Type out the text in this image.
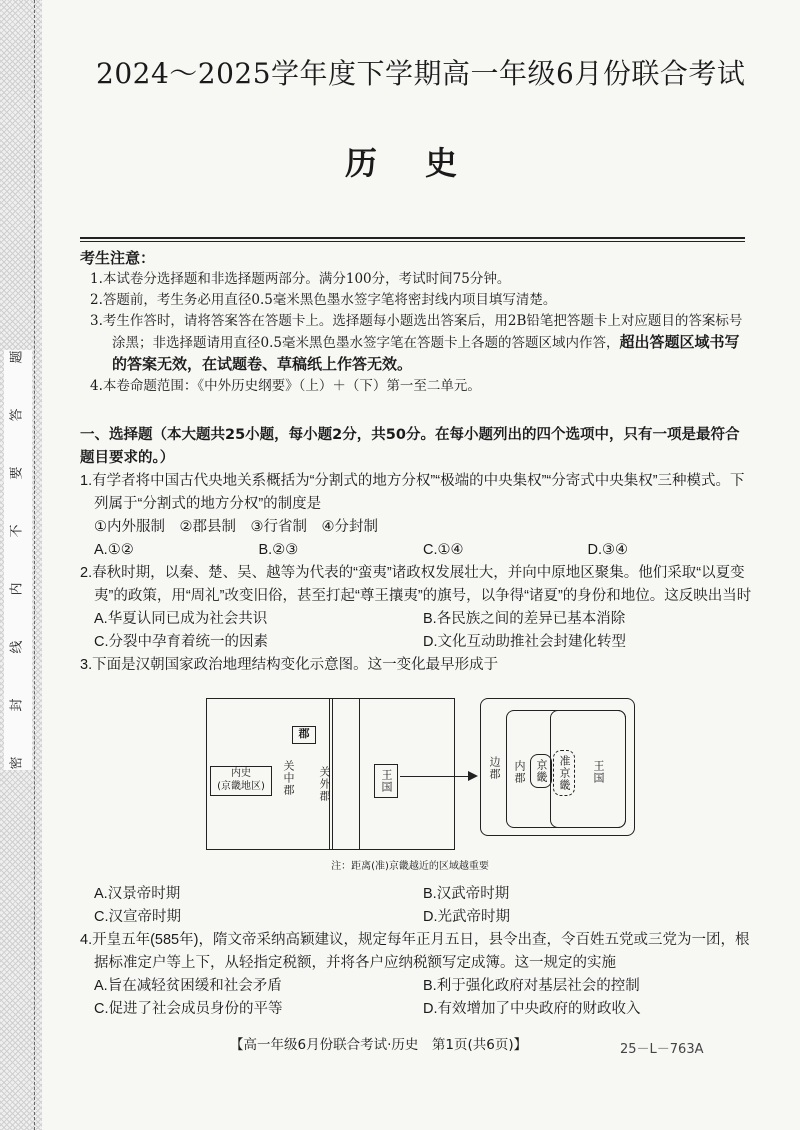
题
答
要
不
内
线
封
密
2024～2025学年度下学期高一年级6月份联合考试
历史
考生注意：
1.本试卷分选择题和非选择题两部分。满分100分，考试时间75分钟。
2.答题前，考生务必用直径0.5毫米黑色墨水签字笔将密封线内项目填写清楚。
3.考生作答时，请将答案答在答题卡上。选择题每小题选出答案后，用2B铅笔把答题卡上对应题目的答案标号涂黑；非选择题请用直径0.5毫米黑色墨水签字笔在答题卡上各题的答题区域内作答，超出答题区域书写的答案无效，在试题卷、草稿纸上作答无效。
4.本卷命题范围：《中外历史纲要》（上）＋（下）第一至二单元。
一、选择题（本大题共25小题，每小题2分，共50分。在每小题列出的四个选项中，只有一项是最符合题目要求的。）
1.有学者将中国古代央地关系概括为“分割式的地方分权”“极端的中央集权”“分寄式中央集权”三种模式。下列属于“分割式的地方分权”的制度是
①内外服制　②郡县制　③行省制　④分封制
A.①②	B.②③	C.①④	D.③④
2.春秋时期，以秦、楚、吴、越等为代表的“蛮夷”诸政权发展壮大，并向中原地区聚集。他们采取“以夏变夷”的政策，用“周礼”改变旧俗，甚至打起“尊王攘夷”的旗号，以争得“诸夏”的身份和地位。这反映出当时
A.华夏认同已成为社会共识	B.各民族之间的差异已基本消除
C.分裂中孕育着统一的因素	D.文化互动助推社会封建化转型
3.下面是汉朝国家政治地理结构变化示意图。这一变化最早形成于
A.汉景帝时期	B.汉武帝时期
C.汉宣帝时期	D.光武帝时期
4.开皇五年(585年)，隋文帝采纳高颖建议，规定每年正月五日，县令出查，令百姓五党或三党为一团，根据标准定户等上下，从轻指定税额，并将各户应纳税额写定成簿。这一规定的实施
A.旨在减轻贫困缓和社会矛盾	B.利于强化政府对基层社会的控制
C.促进了社会成员身份的平等	D.有效增加了中央政府的财政收入
【高一年级6月份联合考试·历史　第1页(共6页)】	25－L－763A
内史
(京畿地区)	关中郡
郡
关外郡	王国
边郡 内郡 京畿 准京畿	王国
注：距离(准)京畿越近的区域越重要
